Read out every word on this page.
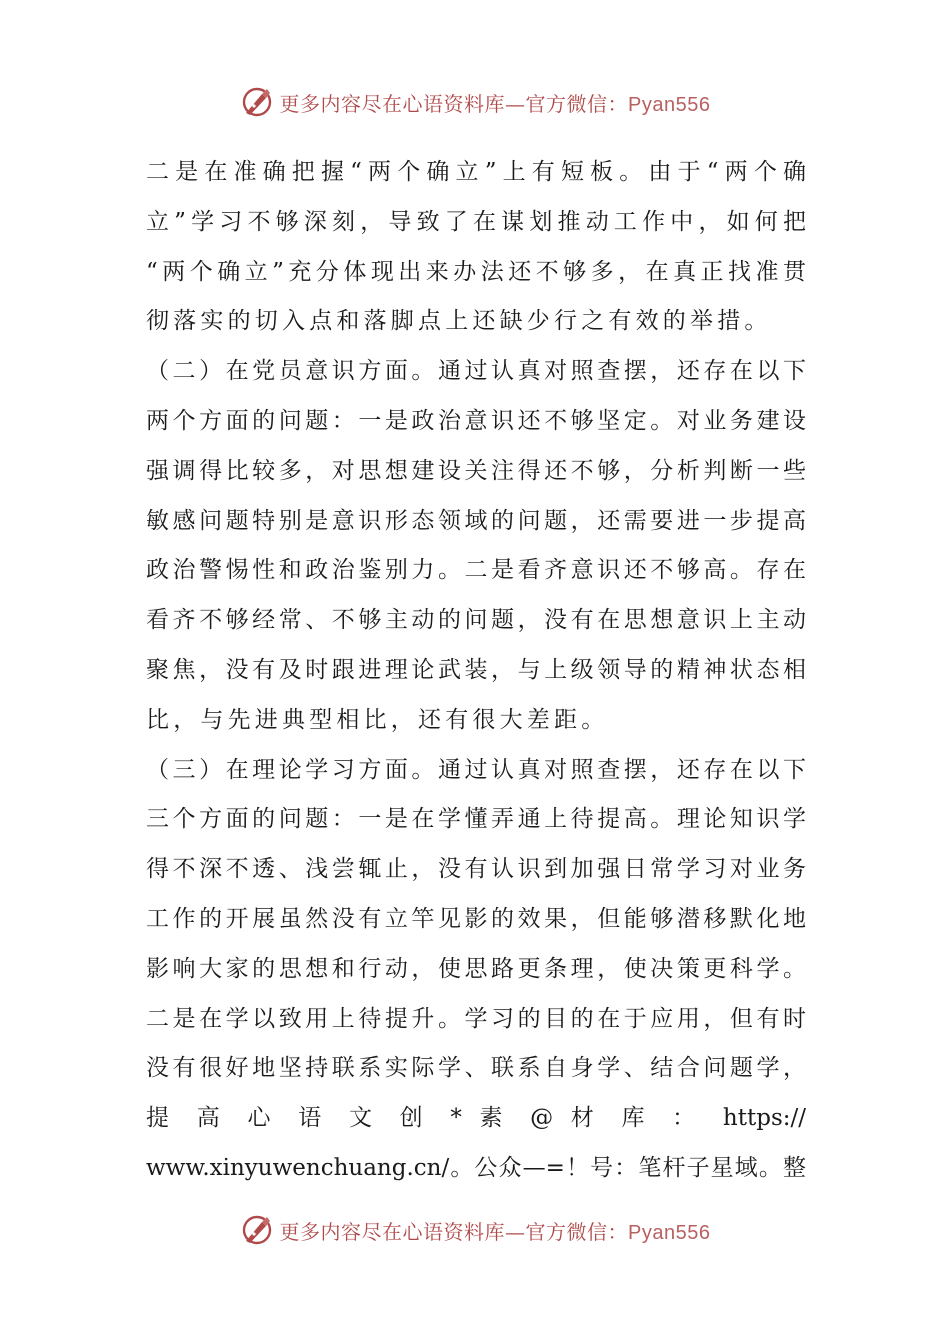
更多内容尽在心语资料库—官方微信：Pyan556
二是在准确把握“两个确立”上有短板。由于“两个确
立”学习不够深刻，导致了在谋划推动工作中，如何把
“两个确立”充分体现出来办法还不够多，在真正找准贯
彻落实的切入点和落脚点上还缺少行之有效的举措。
（二）在党员意识方面。通过认真对照查摆，还存在以下
两个方面的问题：一是政治意识还不够坚定。对业务建设
强调得比较多，对思想建设关注得还不够，分析判断一些
敏感问题特别是意识形态领域的问题，还需要进一步提高
政治警惕性和政治鉴别力。二是看齐意识还不够高。存在
看齐不够经常、不够主动的问题，没有在思想意识上主动
聚焦，没有及时跟进理论武装，与上级领导的精神状态相
比，与先进典型相比，还有很大差距。
（三）在理论学习方面。通过认真对照查摆，还存在以下
三个方面的问题：一是在学懂弄通上待提高。理论知识学
得不深不透、浅尝辄止，没有认识到加强日常学习对业务
工作的开展虽然没有立竿见影的效果，但能够潜移默化地
影响大家的思想和行动，使思路更条理，使决策更科学。
二是在学以致用上待提升。学习的目的在于应用，但有时
没有很好地坚持联系实际学、联系自身学、结合问题学，
提 高 心 语 文 创 * 素 @ 材 库 ： https://
www.xinyuwenchuang.cn/。公众—=！号：笔杆子星域。整
更多内容尽在心语资料库—官方微信：Pyan556
